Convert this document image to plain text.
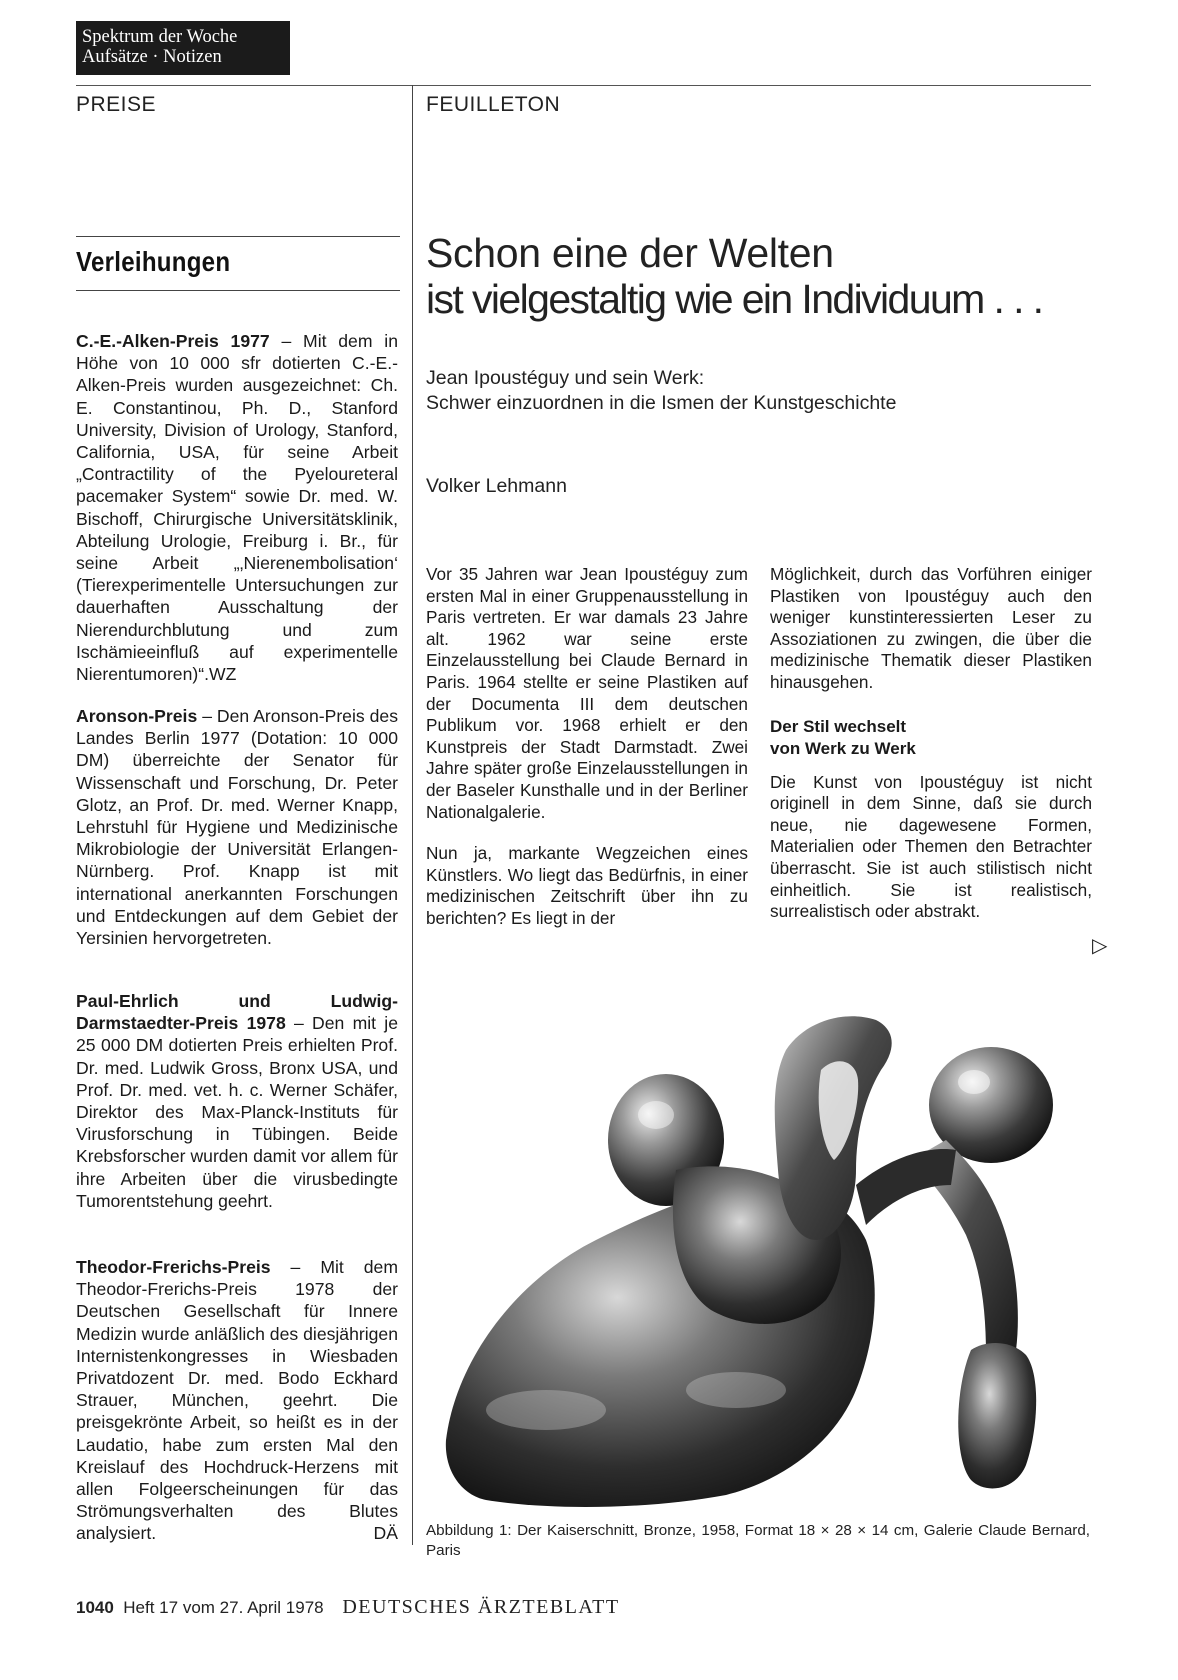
Spektrum der Woche
Aufsätze · Notizen
PREISE	FEUILLETON
Verleihungen
C.-E.-Alken-Preis 1977 – Mit dem in Höhe von 10 000 sfr dotierten C.-E.-Alken-Preis wurden ausgezeichnet: Ch. E. Constantinou, Ph. D., Stanford University, Division of Urology, Stanford, California, USA, für seine Arbeit „Contractility of the Pyeloureteral pacemaker System“ sowie Dr. med. W. Bischoff, Chirurgische Universitätsklinik, Abteilung Urologie, Freiburg i. Br., für seine Arbeit „‚Nierenembolisation‘ (Tierexperimentelle Untersuchungen zur dauerhaften Ausschaltung der Nierendurchblutung und zum Ischämieeinfluß auf experimentelle Nierentumoren)“.WZ
Aronson-Preis – Den Aronson-Preis des Landes Berlin 1977 (Dotation: 10 000 DM) überreichte der Senator für Wissenschaft und Forschung, Dr. Peter Glotz, an Prof. Dr. med. Werner Knapp, Lehrstuhl für Hygiene und Medizinische Mikrobiologie der Universität Erlangen-Nürnberg. Prof. Knapp ist mit international anerkannten Forschungen und Entdeckungen auf dem Gebiet der Yersinien hervorgetreten.
Paul-Ehrlich und Ludwig-Darmstaedter-Preis 1978 – Den mit je 25 000 DM dotierten Preis erhielten Prof. Dr. med. Ludwik Gross, Bronx USA, und Prof. Dr. med. vet. h. c. Werner Schäfer, Direktor des Max-Planck-Instituts für Virusforschung in Tübingen. Beide Krebsforscher wurden damit vor allem für ihre Arbeiten über die virusbedingte Tumorentstehung geehrt.
Theodor-Frerichs-Preis – Mit dem Theodor-Frerichs-Preis 1978 der Deutschen Gesellschaft für Innere Medizin wurde anläßlich des diesjährigen Internistenkongresses in Wiesbaden Privatdozent Dr. med. Bodo Eckhard Strauer, München, geehrt. Die preisgekrönte Arbeit, so heißt es in der Laudatio, habe zum ersten Mal den Kreislauf des Hochdruck-Herzens mit allen Folgeerscheinungen für das Strömungsverhalten des Blutes analysiert.	DÄ
Schon eine der Welten
ist vielgestaltig wie ein Individuum . . .
Jean Ipoustéguy und sein Werk:
Schwer einzuordnen in die Ismen der Kunstgeschichte
Volker Lehmann

Vor 35 Jahren war Jean Ipoustéguy zum ersten Mal in einer Gruppenausstellung in Paris vertreten. Er war damals 23 Jahre alt. 1962 war seine erste Einzelausstellung bei Claude Bernard in Paris. 1964 stellte er seine Plastiken auf der Documenta III dem deutschen Publikum vor. 1968 erhielt er den Kunstpreis der Stadt Darmstadt. Zwei Jahre später große Einzelausstellungen in der Baseler Kunsthalle und in der Berliner Nationalgalerie.

Nun ja, markante Wegzeichen eines Künstlers. Wo liegt das Bedürfnis, in einer medizinischen Zeitschrift über ihn zu berichten? Es liegt in der

Möglichkeit, durch das Vorführen einiger Plastiken von Ipoustéguy auch den weniger kunstinteressierten Leser zu Assoziationen zu zwingen, die über die medizinische Thematik dieser Plastiken hinausgehen.

Der Stil wechselt
von Werk zu Werk

Die Kunst von Ipoustéguy ist nicht originell in dem Sinne, daß sie durch neue, nie dagewesene Formen, Materialien oder Themen den Betrachter überrascht. Sie ist auch stilistisch nicht einheitlich. Sie ist realistisch, surrealistisch oder abstrakt.

▷
Abbildung 1: Der Kaiserschnitt, Bronze, 1958, Format 18 × 28 × 14 cm, Galerie Claude Bernard, Paris
1040 Heft 17 vom 27. April 1978 DEUTSCHES ÄRZTEBLATT
